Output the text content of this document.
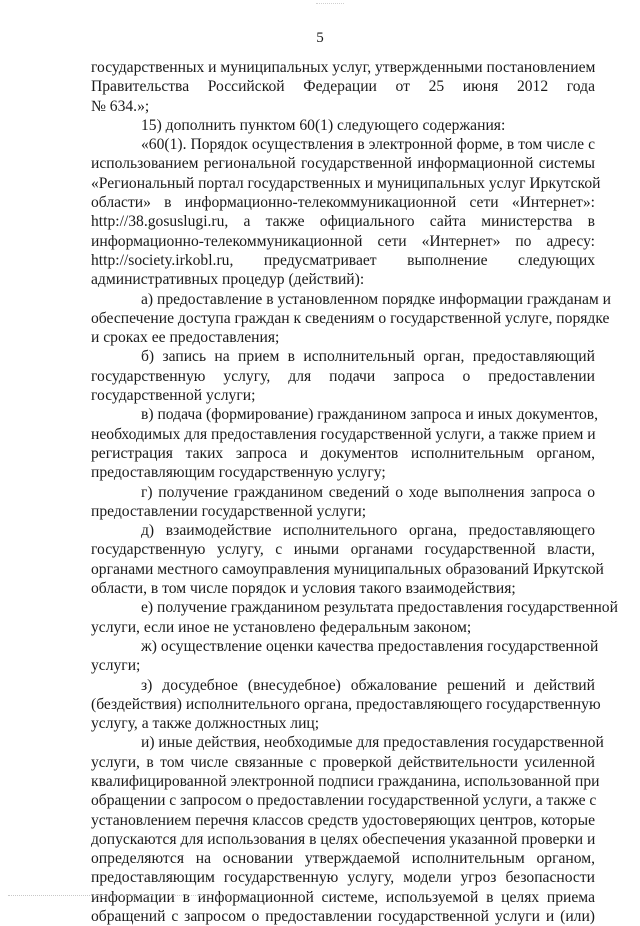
5
государственных и муниципальных услуг, утвержденными постановлением
Правительства Российской Федерации от 25 июня 2012 года
№ 634.»;
15) дополнить пунктом 60(1) следующего содержания:
«60(1). Порядок осуществления в электронной форме, в том числе с
использованием региональной государственной информационной системы
«Региональный портал государственных и муниципальных услуг Иркутской
области» в информационно-телекоммуникационной сети «Интернет»:
http://38.gosuslugi.ru, а также официального сайта министерства в
информационно-телекоммуникационной сети «Интернет» по адресу:
http://society.irkobl.ru, предусматривает выполнение следующих
административных процедур (действий):
а) предоставление в установленном порядке информации гражданам и
обеспечение доступа граждан к сведениям о государственной услуге, порядке
и сроках ее предоставления;
б) запись на прием в исполнительный орган, предоставляющий
государственную услугу, для подачи запроса о предоставлении
государственной услуги;
в) подача (формирование) гражданином запроса и иных документов,
необходимых для предоставления государственной услуги, а также прием и
регистрация таких запроса и документов исполнительным органом,
предоставляющим государственную услугу;
г) получение гражданином сведений о ходе выполнения запроса о
предоставлении государственной услуги;
д) взаимодействие исполнительного органа, предоставляющего
государственную услугу, с иными органами государственной власти,
органами местного самоуправления муниципальных образований Иркутской
области, в том числе порядок и условия такого взаимодействия;
е) получение гражданином результата предоставления государственной
услуги, если иное не установлено федеральным законом;
ж) осуществление оценки качества предоставления государственной
услуги;
з) досудебное (внесудебное) обжалование решений и действий
(бездействия) исполнительного органа, предоставляющего государственную
услугу, а также должностных лиц;
и) иные действия, необходимые для предоставления государственной
услуги, в том числе связанные с проверкой действительности усиленной
квалифицированной электронной подписи гражданина, использованной при
обращении с запросом о предоставлении государственной услуги, а также с
установлением перечня классов средств удостоверяющих центров, которые
допускаются для использования в целях обеспечения указанной проверки и
определяются на основании утверждаемой исполнительным органом,
предоставляющим государственную услугу, модели угроз безопасности
информации в информационной системе, используемой в целях приема
обращений с запросом о предоставлении государственной услуги и (или)
